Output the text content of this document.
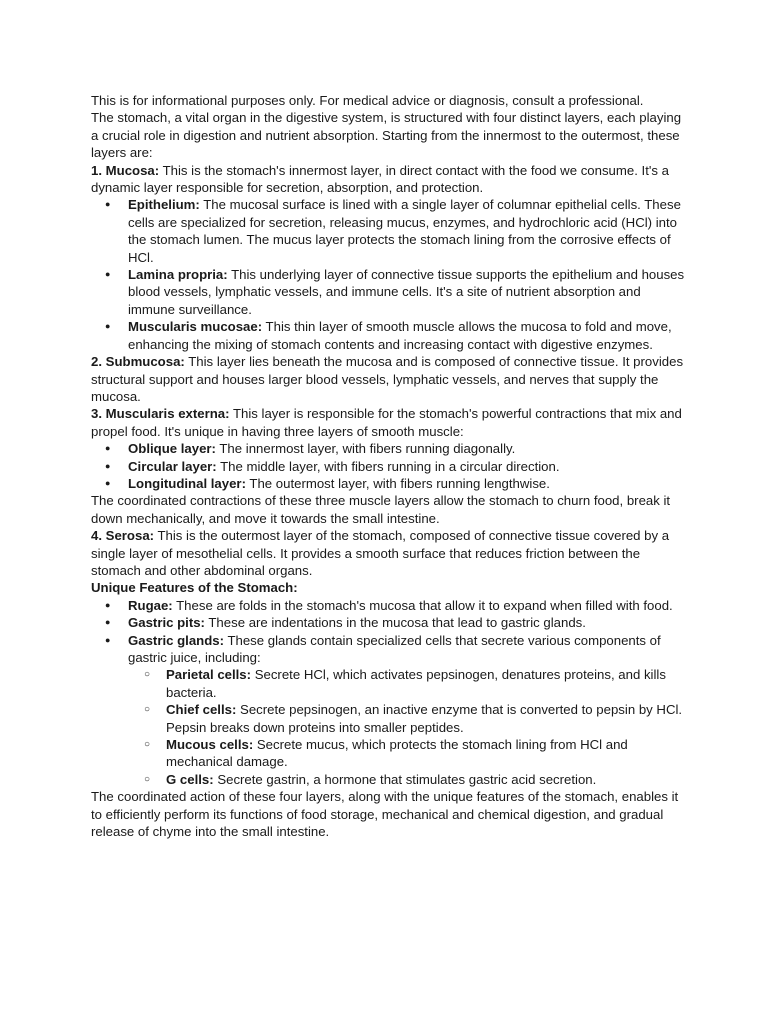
This is for informational purposes only. For medical advice or diagnosis, consult a professional.

The stomach, a vital organ in the digestive system, is structured with four distinct layers, each playing a crucial role in digestion and nutrient absorption. Starting from the innermost to the outermost, these layers are:

1. Mucosa: This is the stomach's innermost layer, in direct contact with the food we consume. It's a dynamic layer responsible for secretion, absorption, and protection.

● Epithelium: The mucosal surface is lined with a single layer of columnar epithelial cells. These cells are specialized for secretion, releasing mucus, enzymes, and hydrochloric acid (HCl) into the stomach lumen. The mucus layer protects the stomach lining from the corrosive effects of HCl.
● Lamina propria: This underlying layer of connective tissue supports the epithelium and houses blood vessels, lymphatic vessels, and immune cells. It's a site of nutrient absorption and immune surveillance.
● Muscularis mucosae: This thin layer of smooth muscle allows the mucosa to fold and move, enhancing the mixing of stomach contents and increasing contact with digestive enzymes.

2. Submucosa: This layer lies beneath the mucosa and is composed of connective tissue. It provides structural support and houses larger blood vessels, lymphatic vessels, and nerves that supply the mucosa.

3. Muscularis externa: This layer is responsible for the stomach's powerful contractions that mix and propel food. It's unique in having three layers of smooth muscle:

● Oblique layer: The innermost layer, with fibers running diagonally.
● Circular layer: The middle layer, with fibers running in a circular direction.
● Longitudinal layer: The outermost layer, with fibers running lengthwise.

The coordinated contractions of these three muscle layers allow the stomach to churn food, break it down mechanically, and move it towards the small intestine.

4. Serosa: This is the outermost layer of the stomach, composed of connective tissue covered by a single layer of mesothelial cells. It provides a smooth surface that reduces friction between the stomach and other abdominal organs.

Unique Features of the Stomach:

● Rugae: These are folds in the stomach's mucosa that allow it to expand when filled with food.
● Gastric pits: These are indentations in the mucosa that lead to gastric glands.
● Gastric glands: These glands contain specialized cells that secrete various components of gastric juice, including:
○ Parietal cells: Secrete HCl, which activates pepsinogen, denatures proteins, and kills bacteria.
○ Chief cells: Secrete pepsinogen, an inactive enzyme that is converted to pepsin by HCl. Pepsin breaks down proteins into smaller peptides.
○ Mucous cells: Secrete mucus, which protects the stomach lining from HCl and mechanical damage.
○ G cells: Secrete gastrin, a hormone that stimulates gastric acid secretion.

The coordinated action of these four layers, along with the unique features of the stomach, enables it to efficiently perform its functions of food storage, mechanical and chemical digestion, and gradual release of chyme into the small intestine.
